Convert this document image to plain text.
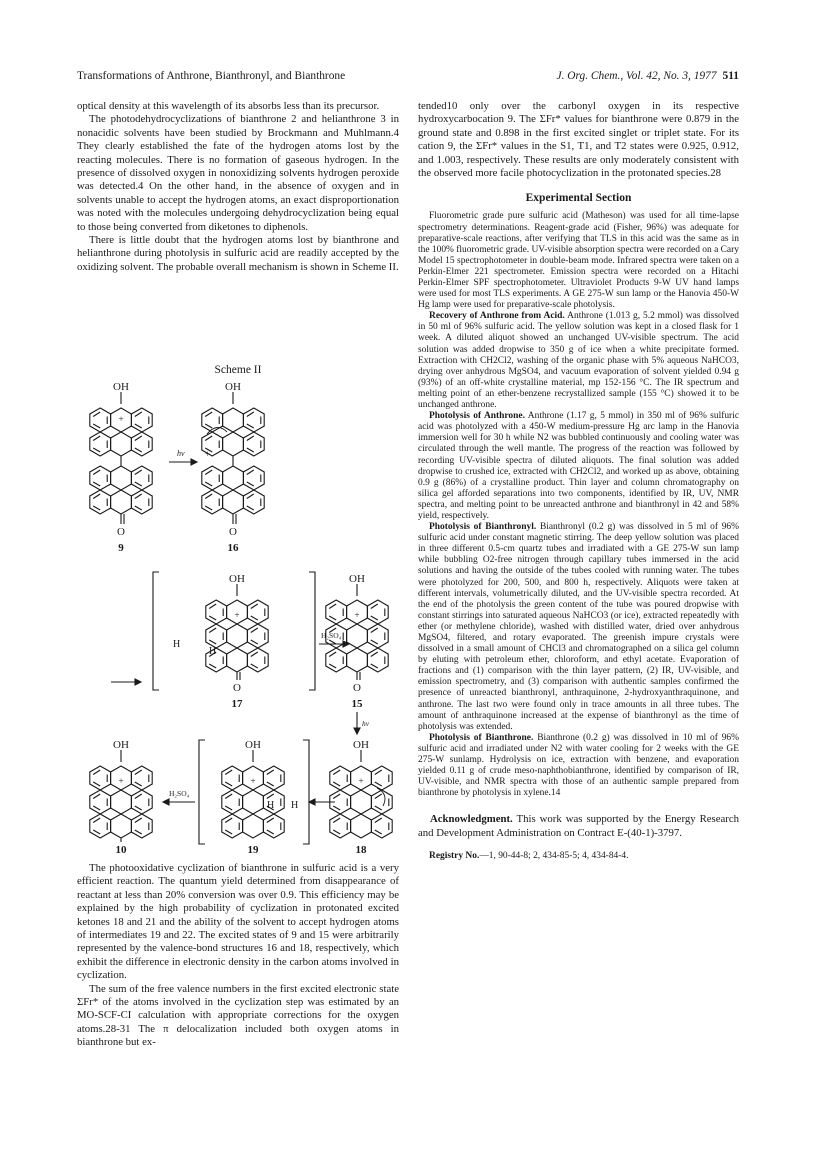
Transformations of Anthrone, Bianthronyl, and Bianthrone	J. Org. Chem., Vol. 42, No. 3, 1977 511

optical density at this wavelength of its absorbs less than its precursor.

The photodehydrocyclizations of bianthrone 2 and helianthrone 3 in nonacidic solvents have been studied by Brockmann and Muhlmann.4 They clearly established the fate of the hydrogen atoms lost by the reacting molecules. There is no formation of gaseous hydrogen. In the presence of dissolved oxygen in nonoxidizing solvents hydrogen peroxide was detected.4 On the other hand, in the absence of oxygen and in solvents unable to accept the hydrogen atoms, an exact disproportionation was noted with the molecules undergoing dehydrocyclization being equal to those being converted from diketones to diphenols.

There is little doubt that the hydrogen atoms lost by bianthrone and helianthrone during photolysis in sulfuric acid are readily accepted by the oxidizing solvent. The probable overall mechanism is shown in Scheme II.

Scheme II
OH
O
+
9
hν
OH
O
+
16
OH
O
H
H
+
17
H₂SO₄
OH
O
+
15
hν
OH
+
10
H₂SO₄
OH
+
H H
19
OH
+
18

The photooxidative cyclization of bianthrone in sulfuric acid is a very efficient reaction. The quantum yield determined from disappearance of reactant at less than 20% conversion was over 0.9. This efficiency may be explained by the high probability of cyclization in protonated excited ketones 18 and 21 and the ability of the solvent to accept hydrogen atoms of intermediates 19 and 22. The excited states of 9 and 15 were arbitrarily represented by the valence-bond structures 16 and 18, respectively, which exhibit the difference in electronic density in the carbon atoms involved in cyclization.

The sum of the free valence numbers in the first excited electronic state ΣFr* of the atoms involved in the cyclization step was estimated by an MO-SCF-CI calculation with appropriate corrections for the oxygen atoms.28-31 The π delocalization included both oxygen atoms in bianthrone but ex-

tended10 only over the carbonyl oxygen in its respective hydroxycarbocation 9. The ΣFr* values for bianthrone were 0.879 in the ground state and 0.898 in the first excited singlet or triplet state. For its cation 9, the ΣFr* values in the S1, T1, and T2 states were 0.925, 0.912, and 1.003, respectively. These results are only moderately consistent with the observed more facile photocyclization in the protonated species.28

Experimental Section

Fluorometric grade pure sulfuric acid (Matheson) was used for all time-lapse spectrometry determinations. Reagent-grade acid (Fisher, 96%) was adequate for preparative-scale reactions, after verifying that TLS in this acid was the same as in the 100% fluorometric grade. UV-visible absorption spectra were recorded on a Cary Model 15 spectrophotometer in double-beam mode. Infrared spectra were taken on a Perkin-Elmer 221 spectrometer. Emission spectra were recorded on a Hitachi Perkin-Elmer SPF spectrophotometer. Ultraviolet Products 9-W UV hand lamps were used for most TLS experiments. A GE 275-W sun lamp or the Hanovia 450-W Hg lamp were used for preparative-scale photolysis.

Recovery of Anthrone from Acid. Anthrone (1.013 g, 5.2 mmol) was dissolved in 50 ml of 96% sulfuric acid. The yellow solution was kept in a closed flask for 1 week. A diluted aliquot showed an unchanged UV-visible spectrum. The acid solution was added dropwise to 350 g of ice when a white precipitate formed. Extraction with CH2Cl2, washing of the organic phase with 5% aqueous NaHCO3, drying over anhydrous MgSO4, and vacuum evaporation of solvent yielded 0.94 g (93%) of an off-white crystalline material, mp 152-156 °C. The IR spectrum and melting point of an ether-benzene recrystallized sample (155 °C) showed it to be unchanged anthrone.

Photolysis of Anthrone. Anthrone (1.17 g, 5 mmol) in 350 ml of 96% sulfuric acid was photolyzed with a 450-W medium-pressure Hg arc lamp in the Hanovia immersion well for 30 h while N2 was bubbled continuously and cooling water was circulated through the well mantle. The progress of the reaction was followed by recording UV-visible spectra of diluted aliquots. The final solution was added dropwise to crushed ice, extracted with CH2Cl2, and worked up as above, obtaining 0.9 g (86%) of a crystalline product. Thin layer and column chromatography on silica gel afforded separations into two components, identified by IR, UV, NMR spectra, and melting point to be unreacted anthrone and bianthronyl in 42 and 58% yield, respectively.

Photolysis of Bianthronyl. Bianthronyl (0.2 g) was dissolved in 5 ml of 96% sulfuric acid under constant magnetic stirring. The deep yellow solution was placed in three different 0.5-cm quartz tubes and irradiated with a GE 275-W sun lamp while bubbling O2-free nitrogen through capillary tubes immersed in the acid solutions and having the outside of the tubes cooled with running water. The tubes were photolyzed for 200, 500, and 800 h, respectively. Aliquots were taken at different intervals, volumetrically diluted, and the UV-visible spectra recorded. At the end of the photolysis the green content of the tube was poured dropwise with constant stirrings into saturated aqueous NaHCO3 (or ice), extracted repeatedly with ether (or methylene chloride), washed with distilled water, dried over anhydrous MgSO4, filtered, and rotary evaporated. The greenish impure crystals were dissolved in a small amount of CHCl3 and chromatographed on a silica gel column by eluting with petroleum ether, chloroform, and ethyl acetate. Evaporation of fractions and (1) comparison with the thin layer pattern, (2) IR, UV-visible, and emission spectrometry, and (3) comparison with authentic samples confirmed the presence of unreacted bianthronyl, anthraquinone, 2-hydroxyanthraquinone, and anthrone. The last two were found only in trace amounts in all three tubes. The amount of anthraquinone increased at the expense of bianthronyl as the time of photolysis was extended.

Photolysis of Bianthrone. Bianthrone (0.2 g) was dissolved in 10 ml of 96% sulfuric acid and irradiated under N2 with water cooling for 2 weeks with the GE 275-W sunlamp. Hydrolysis on ice, extraction with benzene, and evaporation yielded 0.11 g of crude meso-naphthobianthrone, identified by comparison of IR, UV-visible, and NMR spectra with those of an authentic sample prepared from bianthrone by photolysis in xylene.14

Acknowledgment. This work was supported by the Energy Research and Development Administration on Contract E-(40-1)-3797.

Registry No.—1, 90-44-8; 2, 434-85-5; 4, 434-84-4.
